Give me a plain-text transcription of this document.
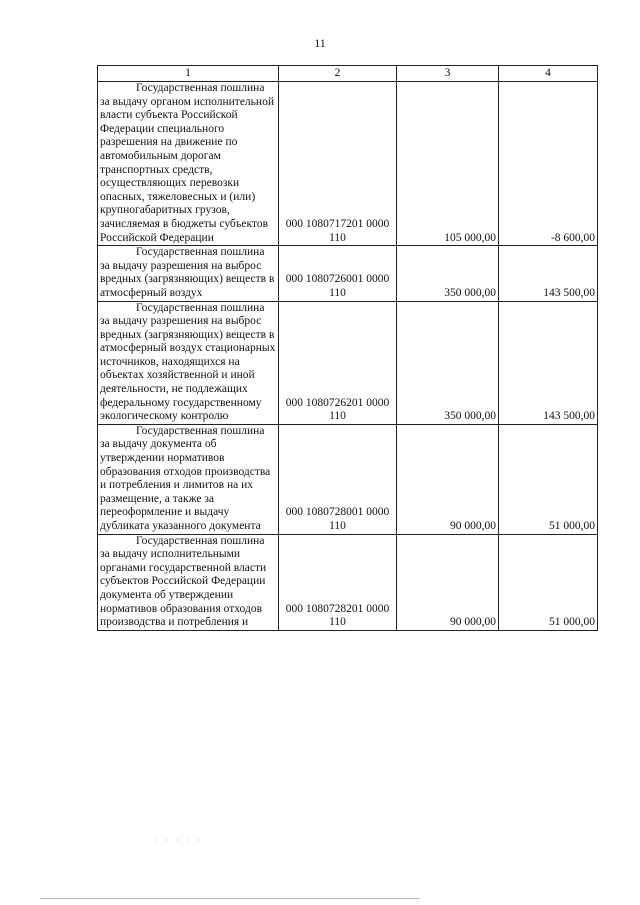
11
1	2	3	4

Государственная пошлина за выдачу органом исполнительной власти субъекта Российской Федерации специального разрешения на движение по автомобильным дорогам транспортных средств, осуществляющих перевозки опасных, тяжеловесных и (или) крупногабаритных грузов, зачисляемая в бюджеты субъектов Российской Федерации	000 1080717201 0000 110	105 000,00	-8 600,00

Государственная пошлина за выдачу разрешения на выброс вредных (загрязняющих) веществ в атмосферный воздух	000 1080726001 0000 110	350 000,00	143 500,00

Государственная пошлина за выдачу разрешения на выброс вредных (загрязняющих) веществ в атмосферный воздух стационарных источников, находящихся на объектах хозяйственной и иной деятельности, не подлежащих федеральному государственному экологическому контролю	000 1080726201 0000 110	350 000,00	143 500,00

Государственная пошлина за выдачу документа об утверждении нормативов образования отходов производства и потребления и лимитов на их размещение, а также за переоформление и выдачу дубликата указанного документа	000 1080728001 0000 110	90 000,00	51 000,00

Государственная пошлина за выдачу исполнительными органами государственной власти субъектов Российской Федерации документа об утверждении нормативов образования отходов производства и потребления и	000 1080728201 0000 110	90 000,00	51 000,00
· · · · ·
